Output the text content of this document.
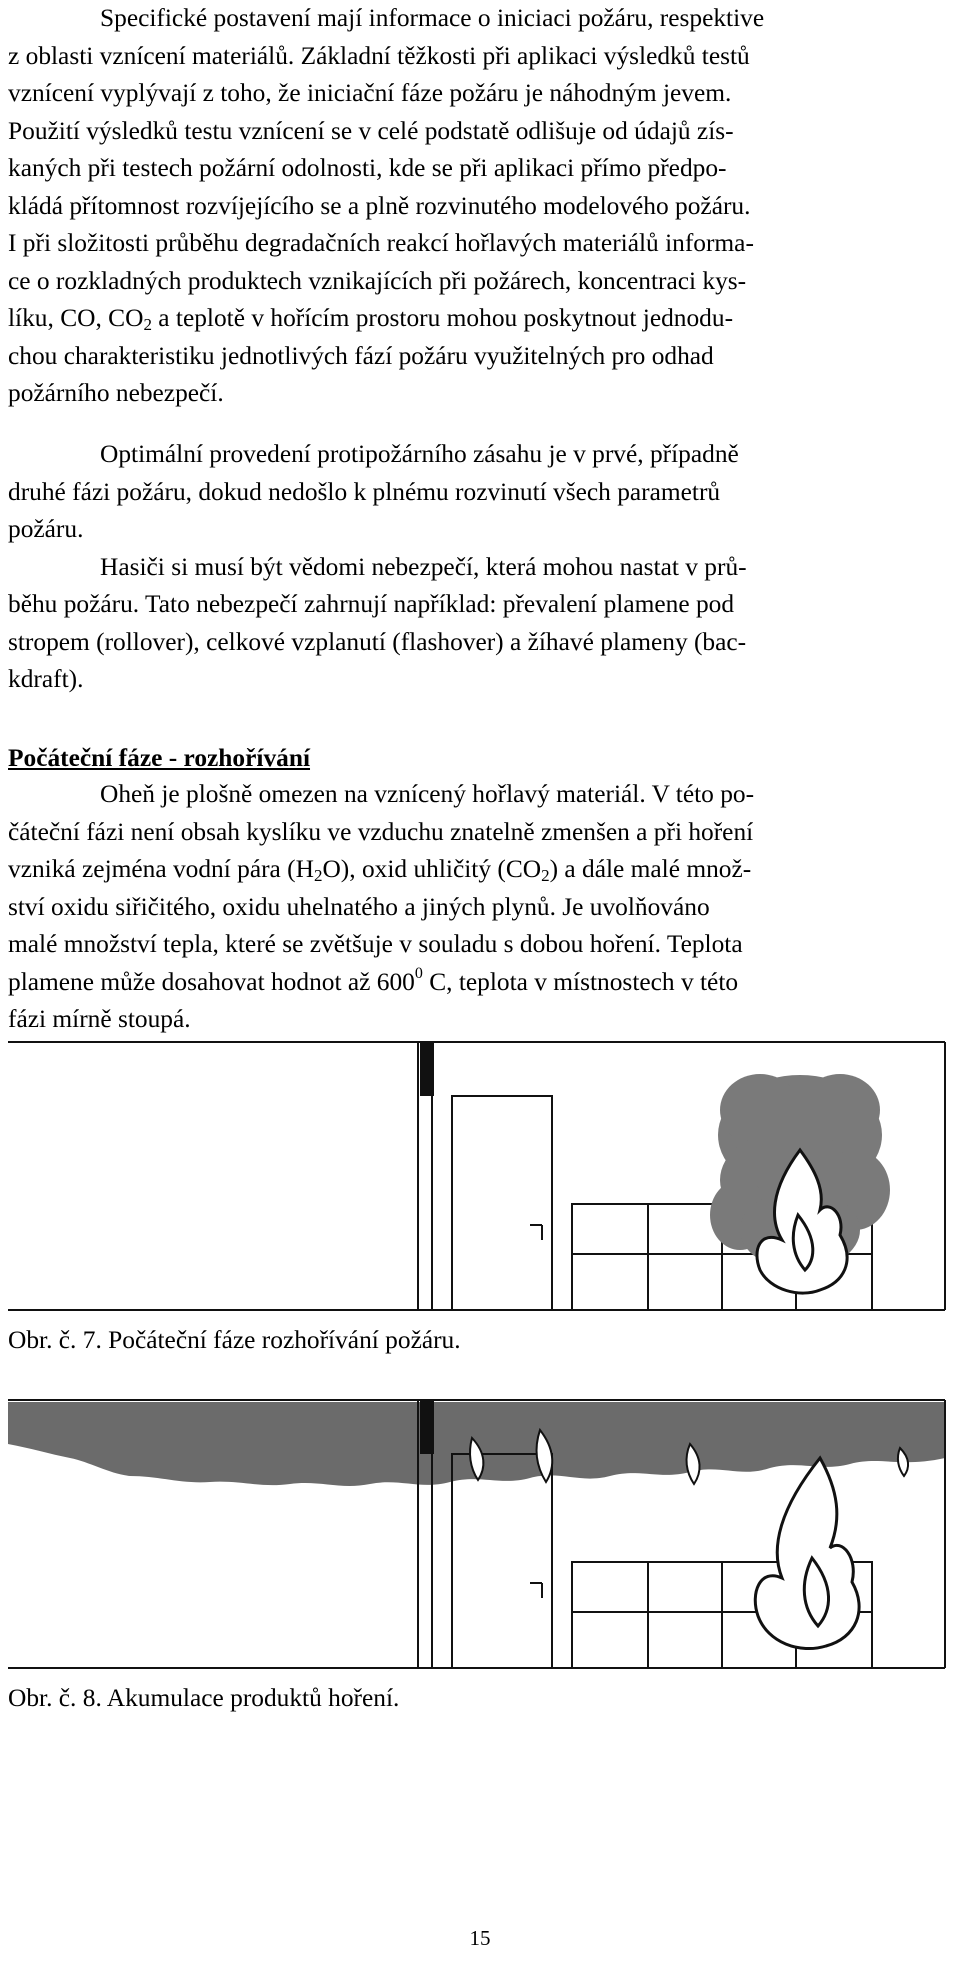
Specifické postavení mají informace o iniciaci požáru, respektive

z oblasti vznícení materiálů. Základní těžkosti při aplikaci výsledků testů

vznícení vyplývají z toho, že iniciační fáze požáru je náhodným jevem.

Použití výsledků testu vznícení se v celé podstatě odlišuje od údajů zís-

kaných při testech požární odolnosti, kde se při aplikaci přímo předpo-

kládá přítomnost rozvíjejícího se a plně rozvinutého modelového požáru.

I při složitosti průběhu degradačních reakcí hořlavých materiálů informa-

ce o rozkladných produktech vznikajících při požárech, koncentraci kys-

líku, CO, $CO_2$ a teplotě v hořícím prostoru mohou poskytnout jednodu-

chou charakteristiku jednotlivých fází požáru využitelných pro odhad

požárního nebezpečí.

Optimální provedení protipožárního zásahu je v prvé, případně

druhé fázi požáru, dokud nedošlo k plnému rozvinutí všech parametrů

požáru.

Hasiči si musí být vědomi nebezpečí, která mohou nastat v prů-

běhu požáru. Tato nebezpečí zahrnují například: převalení plamene pod

stropem (rollover), celkové vzplanutí (flashover) a žíhavé plameny (bac-

kdraft).

Počáteční fáze - rozhořívání

Oheň je plošně omezen na vznícený hořlavý materiál. V této po-

čáteční fázi není obsah kyslíku ve vzduchu znatelně zmenšen a při hoření

vzniká zejména vodní pára $(H_2O)$, oxid uhličitý $(CO_2)$ a dále malé množ-

ství oxidu siřičitého, oxidu uhelnatého a jiných plynů. Je uvolňováno

malé množství tepla, které se zvětšuje v souladu s dobou hoření. Teplota

plamene může dosahovat hodnot až $600^0$ C, teplota v místnostech v této

fázi mírně stoupá.

Obr. č. 7. Počáteční fáze rozhořívání požáru.
Obr. č. 8. Akumulace produktů hoření.
15
